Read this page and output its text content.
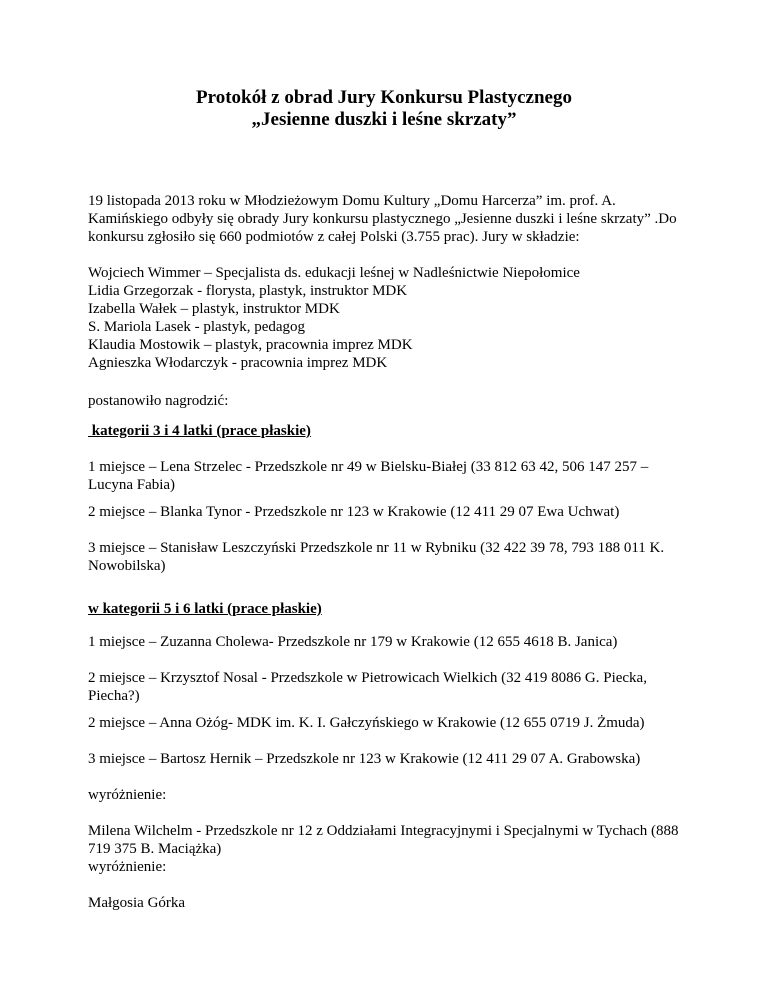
Protokół z obrad Jury Konkursu Plastycznego
„Jesienne duszki i leśne skrzaty”

19 listopada 2013 roku w Młodzieżowym Domu Kultury „Domu Harcerza” im. prof. A. Kamińskiego odbyły się obrady Jury konkursu plastycznego „Jesienne duszki i leśne skrzaty” .Do konkursu zgłosiło się 660 podmiotów z całej Polski (3.755 prac). Jury w składzie:

Wojciech Wimmer – Specjalista ds. edukacji leśnej w Nadleśnictwie Niepołomice

Lidia Grzegorzak - florysta, plastyk, instruktor MDK

Izabella Wałek – plastyk, instruktor MDK

S. Mariola Lasek - plastyk, pedagog

Klaudia Mostowik – plastyk, pracownia imprez MDK

Agnieszka Włodarczyk - pracownia imprez MDK

postanowiło nagrodzić:

kategorii 3 i 4 latki (prace płaskie)

1 miejsce – Lena Strzelec - Przedszkole nr 49 w Bielsku-Białej (33 812 63 42, 506 147 257 – Lucyna Fabia)

2 miejsce – Blanka Tynor - Przedszkole nr 123 w Krakowie (12 411 29 07 Ewa Uchwat)

3 miejsce – Stanisław Leszczyński Przedszkole nr 11 w Rybniku (32 422 39 78, 793 188 011 K. Nowobilska)

w kategorii 5 i 6 latki (prace płaskie)

1 miejsce – Zuzanna Cholewa- Przedszkole nr 179 w Krakowie (12 655 4618 B. Janica)

2 miejsce – Krzysztof Nosal - Przedszkole w Pietrowicach Wielkich (32 419 8086 G. Piecka, Piecha?)

2 miejsce – Anna Ożóg- MDK im. K. I. Gałczyńskiego w Krakowie (12 655 0719 J. Żmuda)

3 miejsce – Bartosz Hernik – Przedszkole nr 123 w Krakowie (12 411 29 07 A. Grabowska)

wyróżnienie:

Milena Wilchelm - Przedszkole nr 12 z Oddziałami Integracyjnymi i Specjalnymi w Tychach (888 719 375 B. Maciążka)

wyróżnienie:

Małgosia Górka
